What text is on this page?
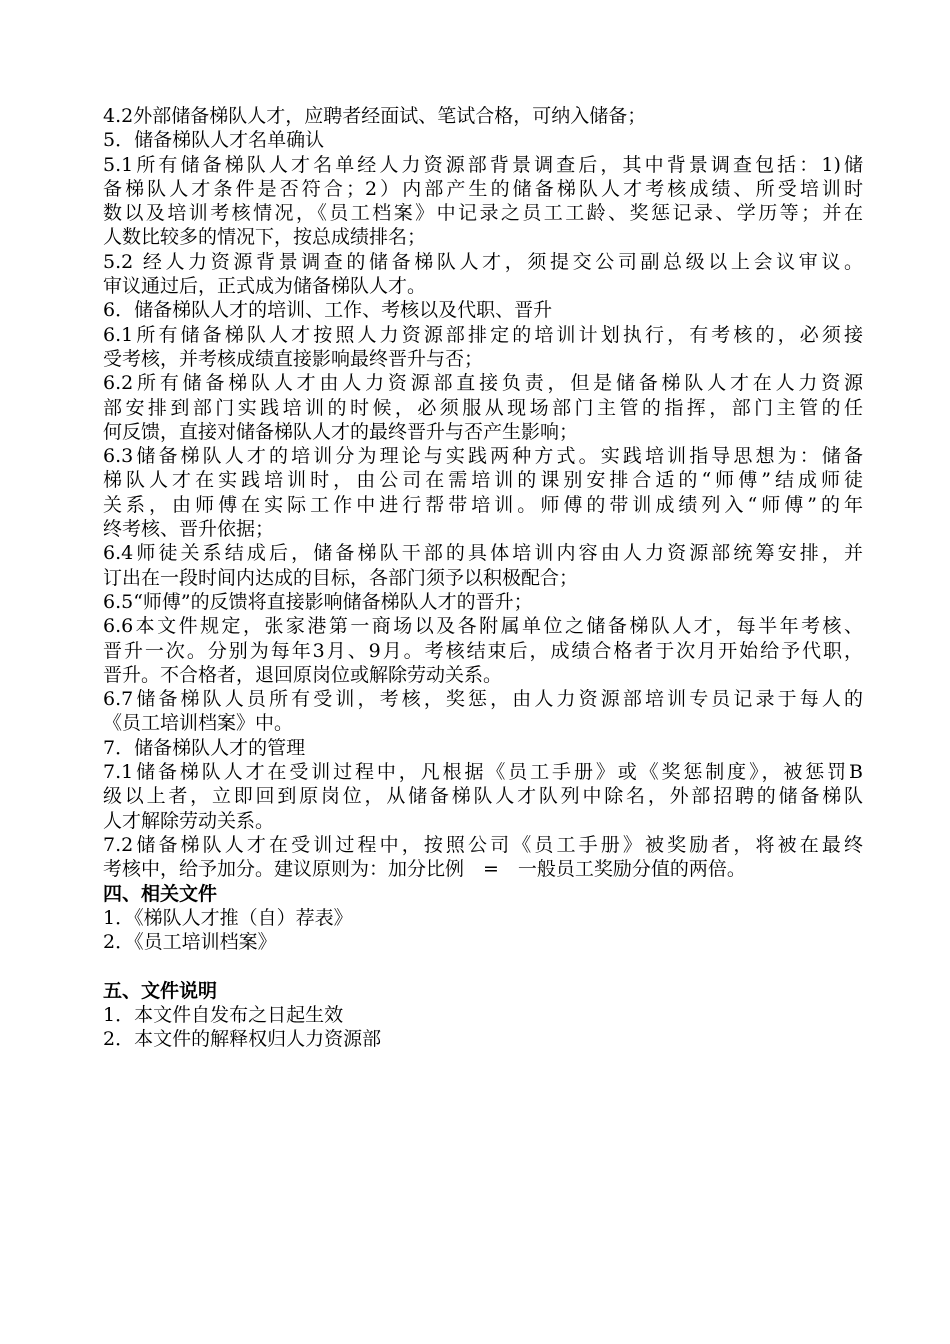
4.2外部储备梯队人才，应聘者经面试、笔试合格，可纳入储备；
5．储备梯队人才名单确认
5.1所有储备梯队人才名单经人力资源部背景调查后，其中背景调查包括：1)储
备梯队人才条件是否符合；2）内部产生的储备梯队人才考核成绩、所受培训时
数以及培训考核情况，《员工档案》中记录之员工工龄、奖惩记录、学历等；并在
人数比较多的情况下，按总成绩排名；
5.2 经人力资源背景调查的储备梯队人才，须提交公司副总级以上会议审议。
审议通过后，正式成为储备梯队人才。
6．储备梯队人才的培训、工作、考核以及代职、晋升
6.1所有储备梯队人才按照人力资源部排定的培训计划执行，有考核的，必须接
受考核，并考核成绩直接影响最终晋升与否；
6.2所有储备梯队人才由人力资源部直接负责，但是储备梯队人才在人力资源
部安排到部门实践培训的时候，必须服从现场部门主管的指挥，部门主管的任
何反馈，直接对储备梯队人才的最终晋升与否产生影响；
6.3储备梯队人才的培训分为理论与实践两种方式。实践培训指导思想为：储备
梯队人才在实践培训时，由公司在需培训的课别安排合适的“师傅”结成师徒
关系，由师傅在实际工作中进行帮带培训。师傅的带训成绩列入“师傅”的年
终考核、晋升依据；
6.4师徒关系结成后，储备梯队干部的具体培训内容由人力资源部统筹安排，并
订出在一段时间内达成的目标，各部门须予以积极配合；
6.5“师傅”的反馈将直接影响储备梯队人才的晋升；
6.6本文件规定，张家港第一商场以及各附属单位之储备梯队人才，每半年考核、
晋升一次。分别为每年3月、9月。考核结束后，成绩合格者于次月开始给予代职，
晋升。不合格者，退回原岗位或解除劳动关系。
6.7储备梯队人员所有受训，考核，奖惩，由人力资源部培训专员记录于每人的
《员工培训档案》中。
7．储备梯队人才的管理
7.1储备梯队人才在受训过程中，凡根据《员工手册》或《奖惩制度》，被惩罚B
级以上者，立即回到原岗位，从储备梯队人才队列中除名，外部招聘的储备梯队
人才解除劳动关系。
7.2储备梯队人才在受训过程中，按照公司《员工手册》被奖励者，将被在最终
考核中，给予加分。建议原则为：加分比例　=　一般员工奖励分值的两倍。
四、相关文件
1．《梯队人才推（自）荐表》
2．《员工培训档案》
五、文件说明
1．本文件自发布之日起生效
2．本文件的解释权归人力资源部
